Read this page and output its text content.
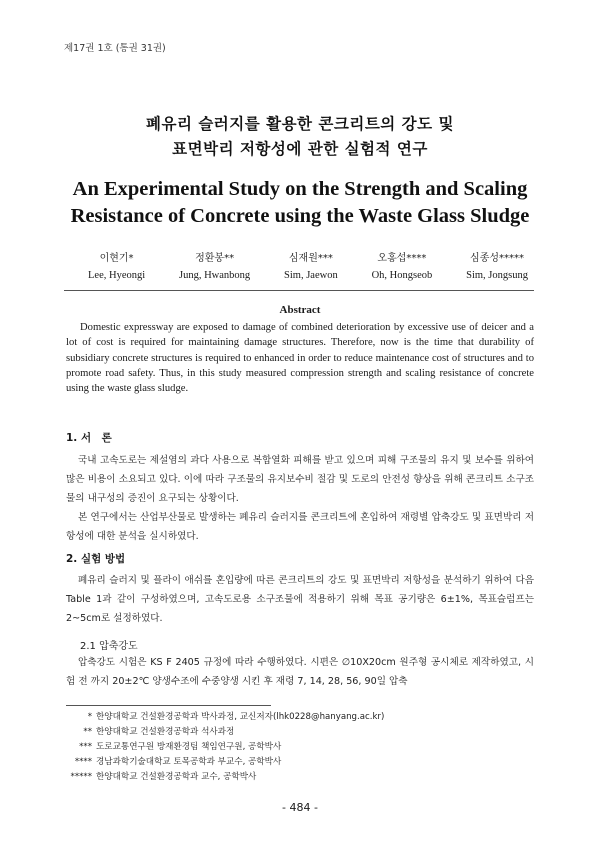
제17권 1호 (통권 31권)
폐유리 슬러지를 활용한 콘크리트의 강도 및
표면박리 저항성에 관한 실험적 연구
An Experimental Study on the Strength and Scaling
Resistance of Concrete using the Waste Glass Sludge
이현기*
Lee, Hyeongi
정환봉**
Jung, Hwanbong
심재원***
Sim, Jaewon
오홍섭****
Oh, Hongseob
심종성*****
Sim, Jongsung
Abstract
Domestic expressway are exposed to damage of combined deterioration by excessive use of deicer and a lot of cost is required for maintaining damage structures. Therefore, now is the time that durability of subsidiary concrete structures is required to enhanced in order to reduce maintenance cost of structures and to promote road safety. Thus, in this study measured compression strength and scaling resistance of concrete using the waste glass sludge.
1. 서　론

국내 고속도로는 제설염의 과다 사용으로 복합열화 피해를 받고 있으며 피해 구조물의 유지 및 보수를 위하여 많은 비용이 소요되고 있다. 이에 따라 구조물의 유지보수비 절감 및 도로의 안전성 향상을 위해 콘크리트 소구조물의 내구성의 증진이 요구되는 상황이다.

본 연구에서는 산업부산물로 발생하는 폐유리 슬러지를 콘크리트에 혼입하여 재령별 압축강도 및 표면박리 저항성에 대한 분석을 실시하였다.

2. 실험 방법

폐유리 슬러지 및 플라이 애쉬를 혼입량에 따른 콘크리트의 강도 및 표면박리 저항성을 분석하기 위하여 다음 Table 1과 같이 구성하였으며, 고속도로용 소구조물에 적용하기 위해 목표 공기량은 6±1%, 목표슬럼프는 2~5cm로 설정하였다.

2.1 압축강도

압축강도 시험은 KS F 2405 규정에 따라 수행하였다. 시편은 ∅10X20cm 원주형 공시체로 제작하였고, 시험 전 까지 20±2℃ 양생수조에 수중양생 시킨 후 재령 7, 14, 28, 56, 90일 압축

* 한양대학교 건설환경공학과 박사과정, 교신저자(lhk0228@hanyang.ac.kr)
** 한양대학교 건설환경공학과 석사과정
*** 도로교통연구원 방재환경팀 책임연구원, 공학박사
**** 경남과학기술대학교 토목공학과 부교수, 공학박사
***** 한양대학교 건설환경공학과 교수, 공학박사
- 484 -
